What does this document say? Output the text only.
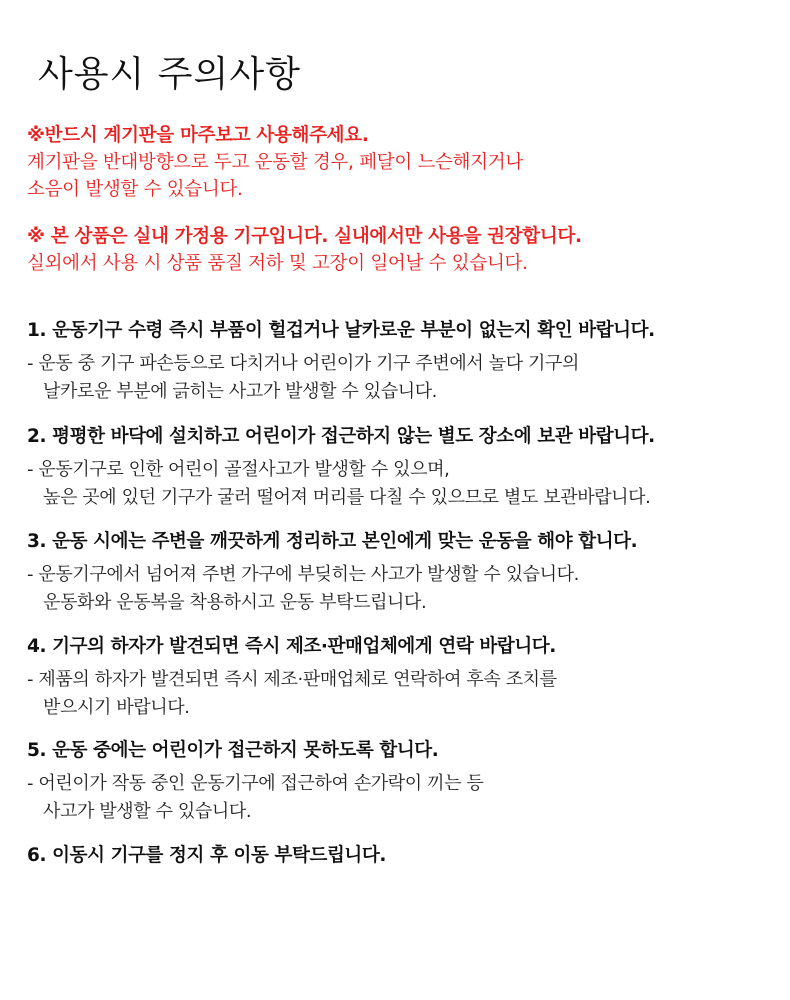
사용시 주의사항
※반드시 계기판을 마주보고 사용해주세요.
계기판을 반대방향으로 두고 운동할 경우, 페달이 느슨해지거나
소음이 발생할 수 있습니다.
※ 본 상품은 실내 가정용 기구입니다. 실내에서만 사용을 권장합니다.
실외에서 사용 시 상품 품질 저하 및 고장이 일어날 수 있습니다.
1. 운동기구 수령 즉시 부품이 헐겁거나 날카로운 부분이 없는지 확인 바랍니다.
- 운동 중 기구 파손등으로 다치거나 어린이가 기구 주변에서 놀다 기구의
날카로운 부분에 긁히는 사고가 발생할 수 있습니다.
2. 평평한 바닥에 설치하고 어린이가 접근하지 않는 별도 장소에 보관 바랍니다.
- 운동기구로 인한 어린이 골절사고가 발생할 수 있으며,
높은 곳에 있던 기구가 굴러 떨어져 머리를 다칠 수 있으므로 별도 보관바랍니다.
3. 운동 시에는 주변을 깨끗하게 정리하고 본인에게 맞는 운동을 해야 합니다.
- 운동기구에서 넘어져 주변 가구에 부딪히는 사고가 발생할 수 있습니다.
운동화와 운동복을 착용하시고 운동 부탁드립니다.
4. 기구의 하자가 발견되면 즉시 제조·판매업체에게 연락 바랍니다.
- 제품의 하자가 발견되면 즉시 제조·판매업체로 연락하여 후속 조치를
받으시기 바랍니다.
5. 운동 중에는 어린이가 접근하지 못하도록 합니다.
- 어린이가 작동 중인 운동기구에 접근하여 손가락이 끼는 등
사고가 발생할 수 있습니다.
6. 이동시 기구를 정지 후 이동 부탁드립니다.
